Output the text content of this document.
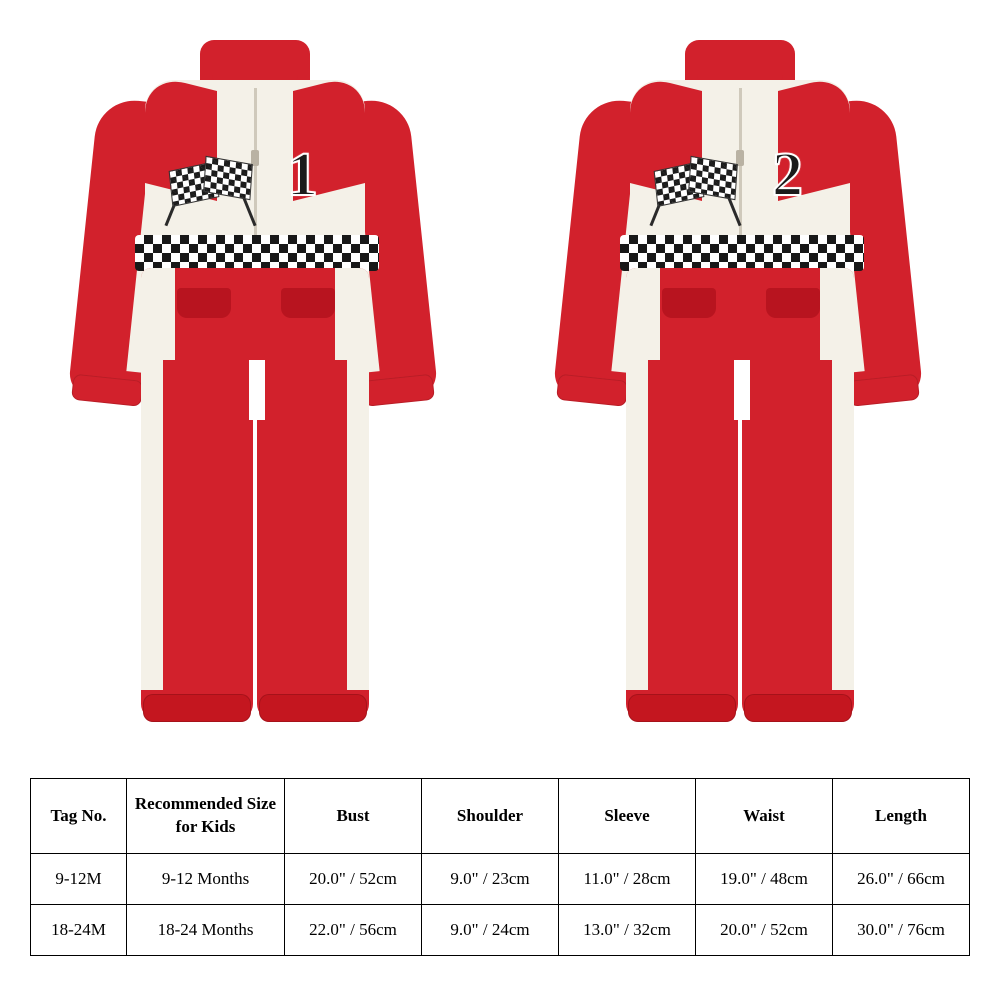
1	2
Tag No.	Recommended Size for Kids	Bust	Shoulder	Sleeve	Waist	Length
9-12M	9-12 Months	20.0" / 52cm	9.0" / 23cm	11.0" / 28cm	19.0" / 48cm	26.0" / 66cm
18-24M	18-24 Months	22.0" / 56cm	9.0" / 24cm	13.0" / 32cm	20.0" / 52cm	30.0" / 76cm
